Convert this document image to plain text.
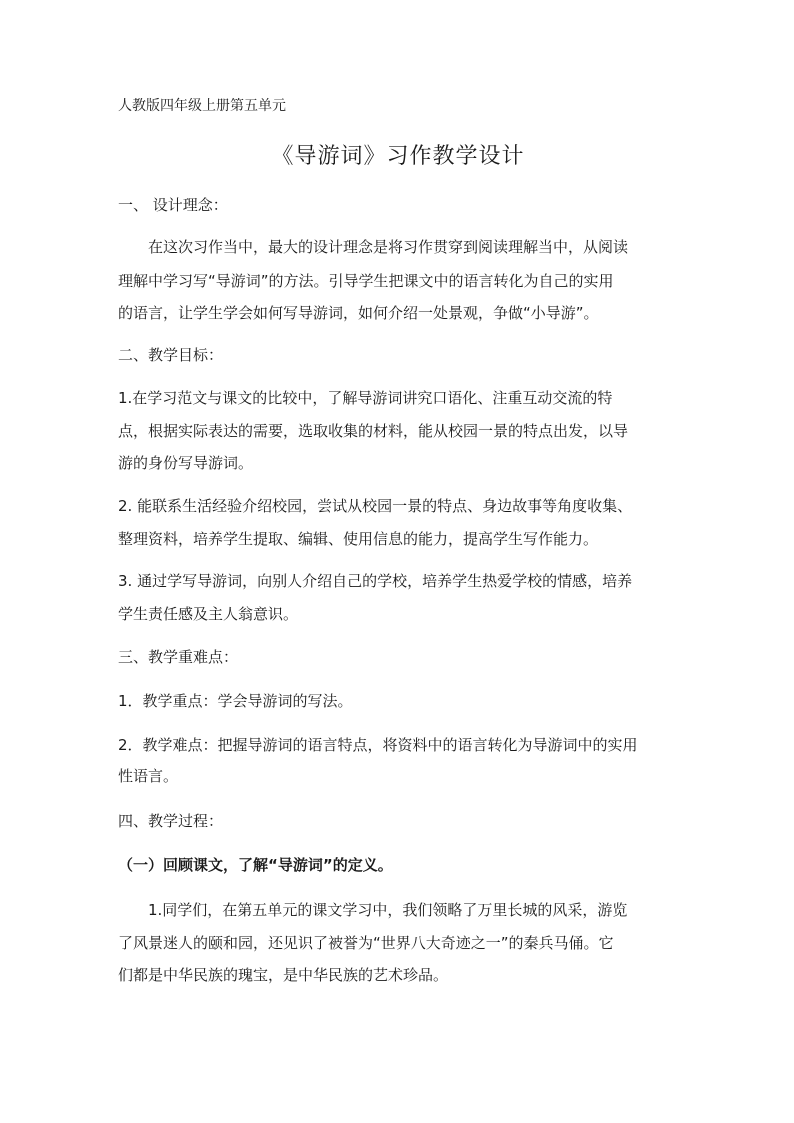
人教版四年级上册第五单元
《导游词》习作教学设计
一、 设计理念：
　　在这次习作当中，最大的设计理念是将习作贯穿到阅读理解当中，从阅读
理解中学习写“导游词”的方法。引导学生把课文中的语言转化为自己的实用
的语言，让学生学会如何写导游词，如何介绍一处景观，争做“小导游”。
二、教学目标：
1.在学习范文与课文的比较中，了解导游词讲究口语化、注重互动交流的特
点，根据实际表达的需要，选取收集的材料，能从校园一景的特点出发，以导
游的身份写导游词。
2. 能联系生活经验介绍校园，尝试从校园一景的特点、身边故事等角度收集、
整理资料，培养学生提取、编辑、使用信息的能力，提高学生写作能力。
3. 通过学写导游词，向别人介绍自己的学校，培养学生热爱学校的情感，培养
学生责任感及主人翁意识。
三、教学重难点：
1．教学重点：学会导游词的写法。
2．教学难点：把握导游词的语言特点，将资料中的语言转化为导游词中的实用
性语言。
四、教学过程：
（一）回顾课文，了解“导游词”的定义。
　　1.同学们，在第五单元的课文学习中，我们领略了万里长城的风采，游览
了风景迷人的颐和园，还见识了被誉为“世界八大奇迹之一”的秦兵马俑。它
们都是中华民族的瑰宝，是中华民族的艺术珍品。
